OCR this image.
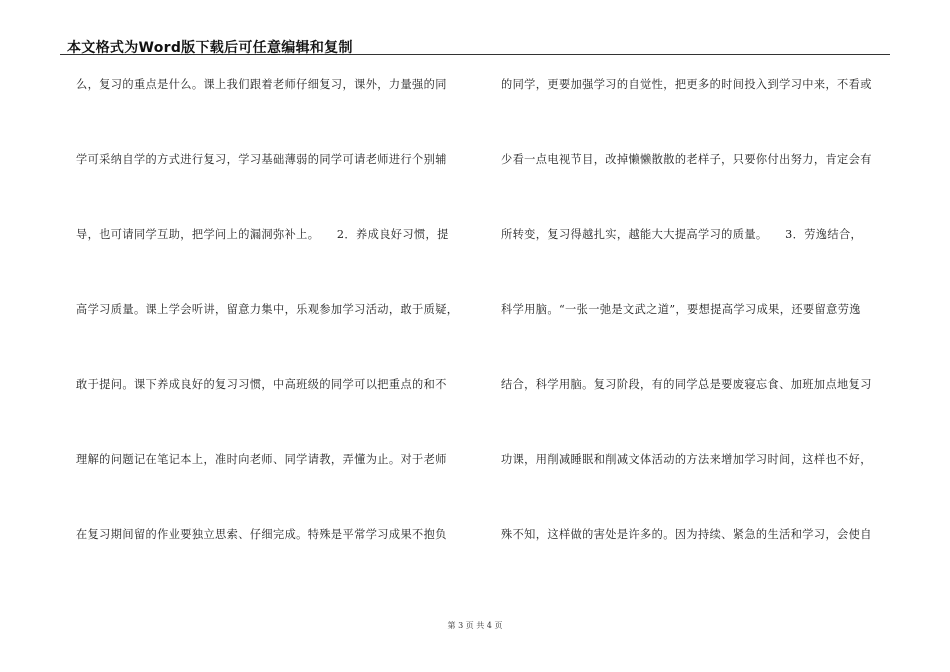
本文格式为Word版下载后可任意编辑和复制
么，复习的重点是什么。课上我们跟着老师仔细复习，课外，力量强的同
学可采纳自学的方式进行复习，学习基础薄弱的同学可请老师进行个别辅
导，也可请同学互助，把学问上的漏洞弥补上。　　2．养成良好习惯，提
高学习质量。课上学会听讲，留意力集中，乐观参加学习活动，敢于质疑，
敢于提问。课下养成良好的复习习惯，中高班级的同学可以把重点的和不
理解的问题记在笔记本上，准时向老师、同学请教，弄懂为止。对于老师
在复习期间留的作业要独立思索、仔细完成。特殊是平常学习成果不抱负
的同学，更要加强学习的自觉性，把更多的时间投入到学习中来，不看或
少看一点电视节目，改掉懒懒散散的老样子，只要你付出努力，肯定会有
所转变，复习得越扎实，越能大大提高学习的质量。　　3．劳逸结合，
科学用脑。“一张一弛是文武之道”，要想提高学习成果，还要留意劳逸
结合，科学用脑。复习阶段，有的同学总是要废寝忘食、加班加点地复习
功课，用削减睡眠和削减文体活动的方法来增加学习时间，这样也不好，
殊不知，这样做的害处是许多的。因为持续、紧急的生活和学习，会使自
第 3 页 共 4 页
